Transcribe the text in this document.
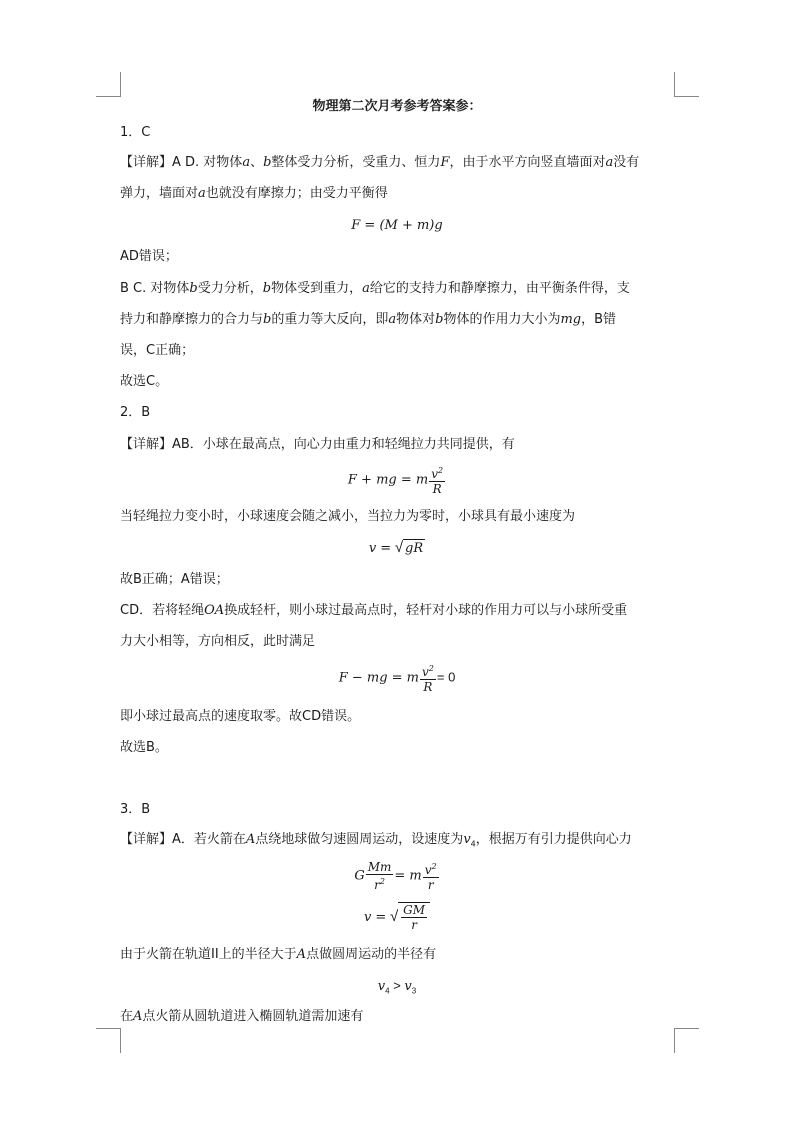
物理第二次月考参考答案参：
1．C
【详解】A D. 对物体a、b整体受力分析，受重力、恒力F，由于水平方向竖直墙面对a没有
弹力，墙面对a也就没有摩擦力；由受力平衡得
F = (M + m)g
AD错误；
B C. 对物体b受力分析，b物体受到重力，a给它的支持力和静摩擦力，由平衡条件得，支
持力和静摩擦力的合力与b的重力等大反向，即a物体对b物体的作用力大小为mg，B错
误，C正确；
故选C。
2．B
【详解】AB．小球在最高点，向心力由重力和轻绳拉力共同提供，有
F + mg = m $\frac{v^2}{R}$
当轻绳拉力变小时，小球速度会随之减小，当拉力为零时，小球具有最小速度为
v = √ gR
故B正确；A错误；
CD．若将轻绳OA换成轻杆，则小球过最高点时，轻杆对小球的作用力可以与小球所受重
力大小相等，方向相反，此时满足
F − mg = m $\frac{v^2}{R} = 0$
即小球过最高点的速度取零。故CD错误。
故选B。
3．B
【详解】A．若火箭在A点绕地球做匀速圆周运动，设速度为$v_4$，根据万有引力提供向心力
G $\frac{Mm}{r^2} = m \frac{v^2}{r}$
v = √ $\frac{GM}{r}$
由于火箭在轨道II上的半径大于A点做圆周运动的半径有
$v_4 > v_3$
在A点火箭从圆轨道进入椭圆轨道需加速有
